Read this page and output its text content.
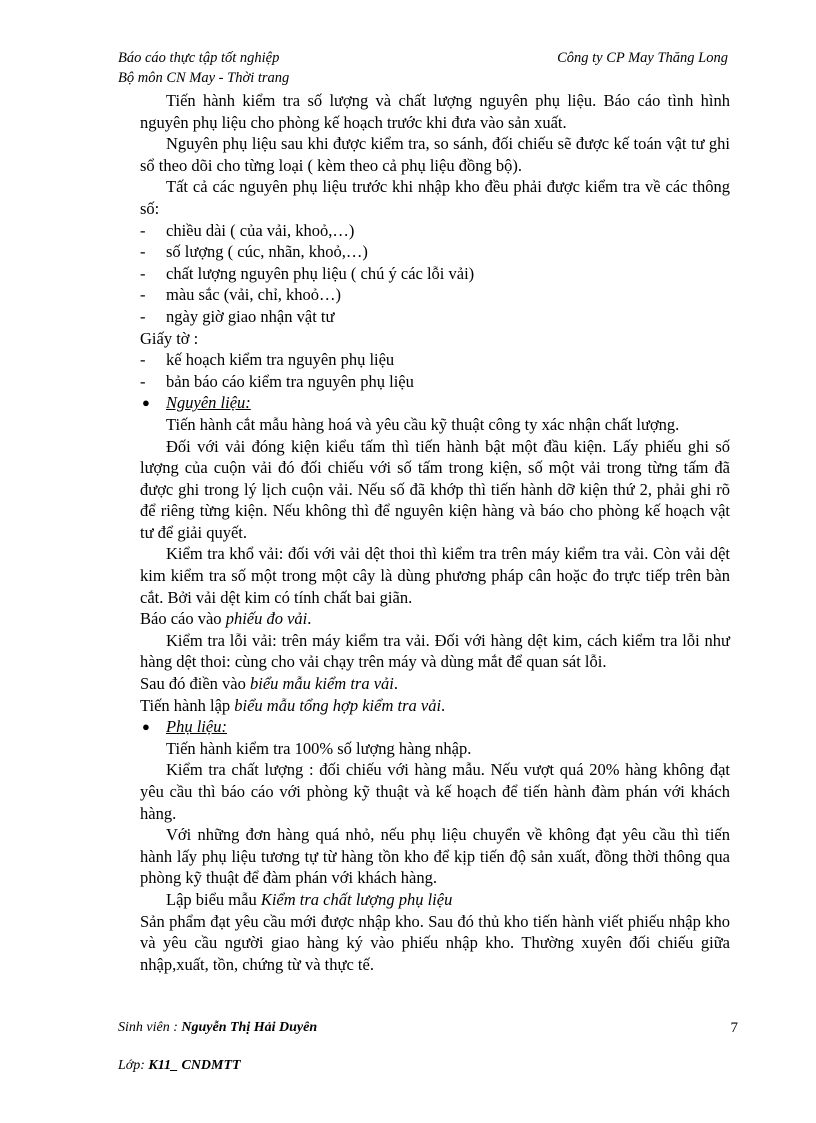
Báo cáo thực tập tốt nghiệp	Công ty CP May Thăng Long
Bộ môn CN May - Thời trang

Tiến hành kiểm tra số lượng và chất lượng nguyên phụ liệu. Báo cáo tình hình nguyên phụ liệu cho phòng kế hoạch trước khi đưa vào sản xuất.

Nguyên phụ liệu sau khi được kiểm tra, so sánh, đối chiếu sẽ được kế toán vật tư ghi sổ theo dõi cho từng loại ( kèm theo cả phụ liệu đồng bộ).

Tất cả các nguyên phụ liệu trước khi nhập kho đều phải được kiểm tra về các thông số:

- chiều dài ( của vải, khoỏ,…)

- số lượng ( cúc, nhãn, khoỏ,…)

- chất lượng nguyên phụ liệu ( chú ý các lỗi vải)

- màu sắc (vải, chỉ, khoỏ…)

- ngày giờ giao nhận vật tư

Giấy tờ :

- kế hoạch kiểm tra nguyên phụ liệu

- bản báo cáo kiểm tra nguyên phụ liệu

● Nguyên liệu:

Tiến hành cắt mẫu hàng hoá và yêu cầu kỹ thuật công ty xác nhận chất lượng.

Đối với vải đóng kiện kiểu tấm thì tiến hành bật một đầu kiện. Lấy phiếu ghi số lượng của cuộn vải đó đối chiếu với số tấm trong kiện, số một vải trong từng tấm đã được ghi trong lý lịch cuộn vải. Nếu số đã khớp thì tiến hành dỡ kiện thứ 2, phải ghi rõ để riêng từng kiện. Nếu không thì để nguyên kiện hàng và báo cho phòng kế hoạch vật tư để giải quyết.

Kiểm tra khổ vải: đối với vải dệt thoi thì kiểm tra trên máy kiểm tra vải. Còn vải dệt kim kiểm tra số một trong một cây là dùng phương pháp cân hoặc đo trực tiếp trên bàn cắt. Bởi vải dệt kim có tính chất bai giãn.

Báo cáo vào phiếu đo vải.

Kiểm tra lỗi vải: trên máy kiểm tra vải. Đối với hàng dệt kim, cách kiểm tra lỗi như hàng dệt thoi: cùng cho vải chạy trên máy và dùng mắt để quan sát lỗi.

Sau đó điền vào biểu mẫu kiểm tra vải.

Tiến hành lập biểu mẫu tổng hợp kiểm tra vải.

● Phụ liệu:

Tiến hành kiểm tra 100% số lượng hàng nhập.

Kiểm tra chất lượng : đối chiếu với hàng mẫu. Nếu vượt quá 20% hàng không đạt yêu cầu thì báo cáo với phòng kỹ thuật và kế hoạch để tiến hành đàm phán với khách hàng.

Với những đơn hàng quá nhỏ, nếu phụ liệu chuyển về không đạt yêu cầu thì tiến hành lấy phụ liệu tương tự từ hàng tồn kho để kịp tiến độ sản xuất, đồng thời thông qua phòng kỹ thuật để đàm phán với khách hàng.

Lập biểu mẫu Kiểm tra chất lượng phụ liệu

Sản phẩm đạt yêu cầu mới được nhập kho. Sau đó thủ kho tiến hành viết phiếu nhập kho và yêu cầu người giao hàng ký vào phiếu nhập kho. Thường xuyên đối chiếu giữa nhập,xuất, tồn, chứng từ và thực tế.

Sinh viên : Nguyễn Thị Hải Duyên	7
Lớp: K11_ CNDMTT
